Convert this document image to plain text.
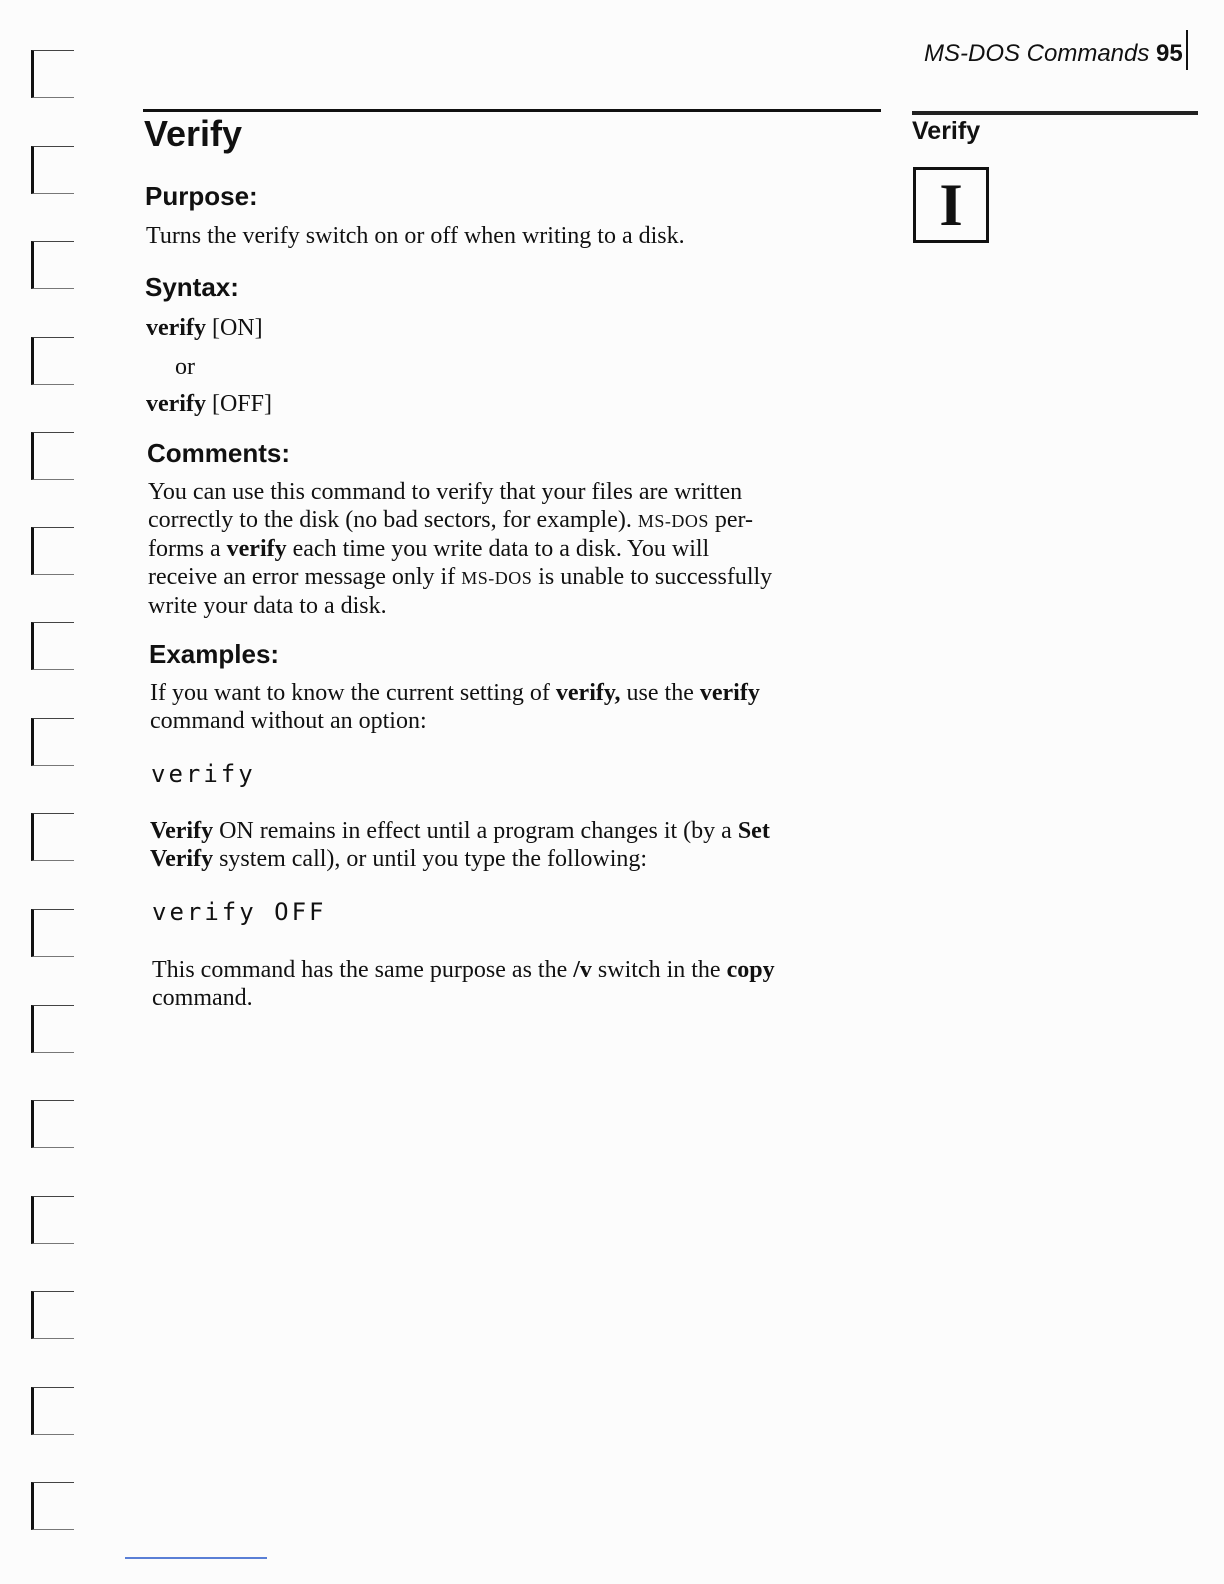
MS-DOS Commands 95
Verify	Verify
I
Purpose:
Turns the verify switch on or off when writing to a disk.
Syntax:
verify [ON]
or
verify [OFF]
Comments:
You can use this command to verify that your files are written
correctly to the disk (no bad sectors, for example). MS-DOS per-
forms a verify each time you write data to a disk. You will
receive an error message only if MS-DOS is unable to successfully
write your data to a disk.
Examples:
If you want to know the current setting of verify, use the verify
command without an option:
verify
Verify ON remains in effect until a program changes it (by a Set
Verify system call), or until you type the following:
verify OFF
This command has the same purpose as the /v switch in the copy
command.
